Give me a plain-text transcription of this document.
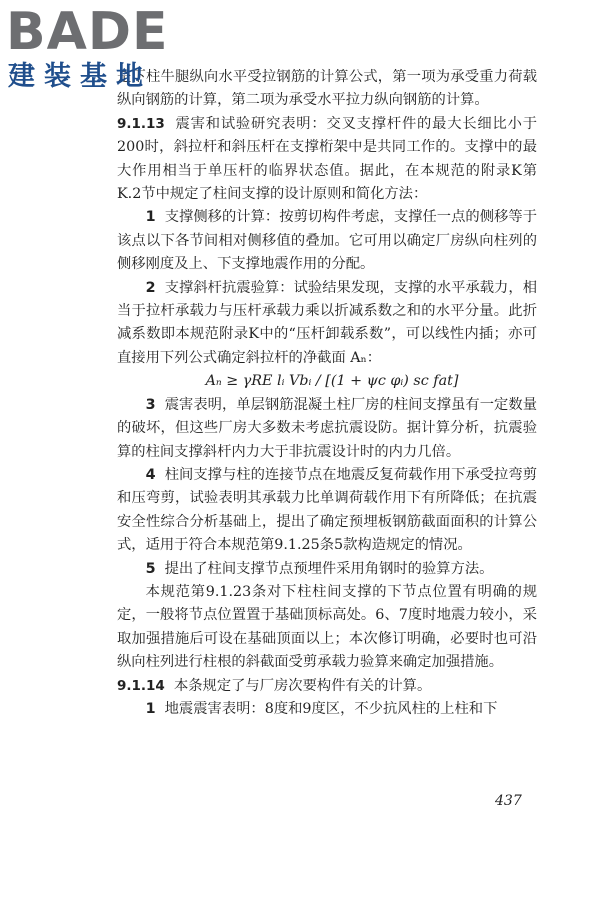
BADE
建装基地

是下柱牛腿纵向水平受拉钢筋的计算公式，第一项为承受重力荷载纵向钢筋的计算，第二项为承受水平拉力纵向钢筋的计算。

9.1.13 震害和试验研究表明：交叉支撑杆件的最大长细比小于200时，斜拉杆和斜压杆在支撑桁架中是共同工作的。支撑中的最大作用相当于单压杆的临界状态值。据此，在本规范的附录K第K.2节中规定了柱间支撑的设计原则和简化方法：

1 支撑侧移的计算：按剪切构件考虑，支撑任一点的侧移等于该点以下各节间相对侧移值的叠加。它可用以确定厂房纵向柱列的侧移刚度及上、下支撑地震作用的分配。

2 支撑斜杆抗震验算：试验结果发现，支撑的水平承载力，相当于拉杆承载力与压杆承载力乘以折减系数之和的水平分量。此折减系数即本规范附录K中的“压杆卸载系数”，可以线性内插；亦可直接用下列公式确定斜拉杆的净截面 Aₙ：

Aₙ ≥ γRE lᵢ Vbᵢ / [(1 + ψc φᵢ) sc fat]

3 震害表明，单层钢筋混凝土柱厂房的柱间支撑虽有一定数量的破坏，但这些厂房大多数未考虑抗震设防。据计算分析，抗震验算的柱间支撑斜杆内力大于非抗震设计时的内力几倍。

4 柱间支撑与柱的连接节点在地震反复荷载作用下承受拉弯剪和压弯剪，试验表明其承载力比单调荷载作用下有所降低；在抗震安全性综合分析基础上，提出了确定预埋板钢筋截面面积的计算公式，适用于符合本规范第9.1.25条5款构造规定的情况。

5 提出了柱间支撑节点预埋件采用角钢时的验算方法。

本规范第9.1.23条对下柱柱间支撑的下节点位置有明确的规定，一般将节点位置置于基础顶标高处。6、7度时地震力较小，采取加强措施后可设在基础顶面以上；本次修订明确，必要时也可沿纵向柱列进行柱根的斜截面受剪承载力验算来确定加强措施。

9.1.14 本条规定了与厂房次要构件有关的计算。

1 地震震害表明：8度和9度区，不少抗风柱的上柱和下

437
